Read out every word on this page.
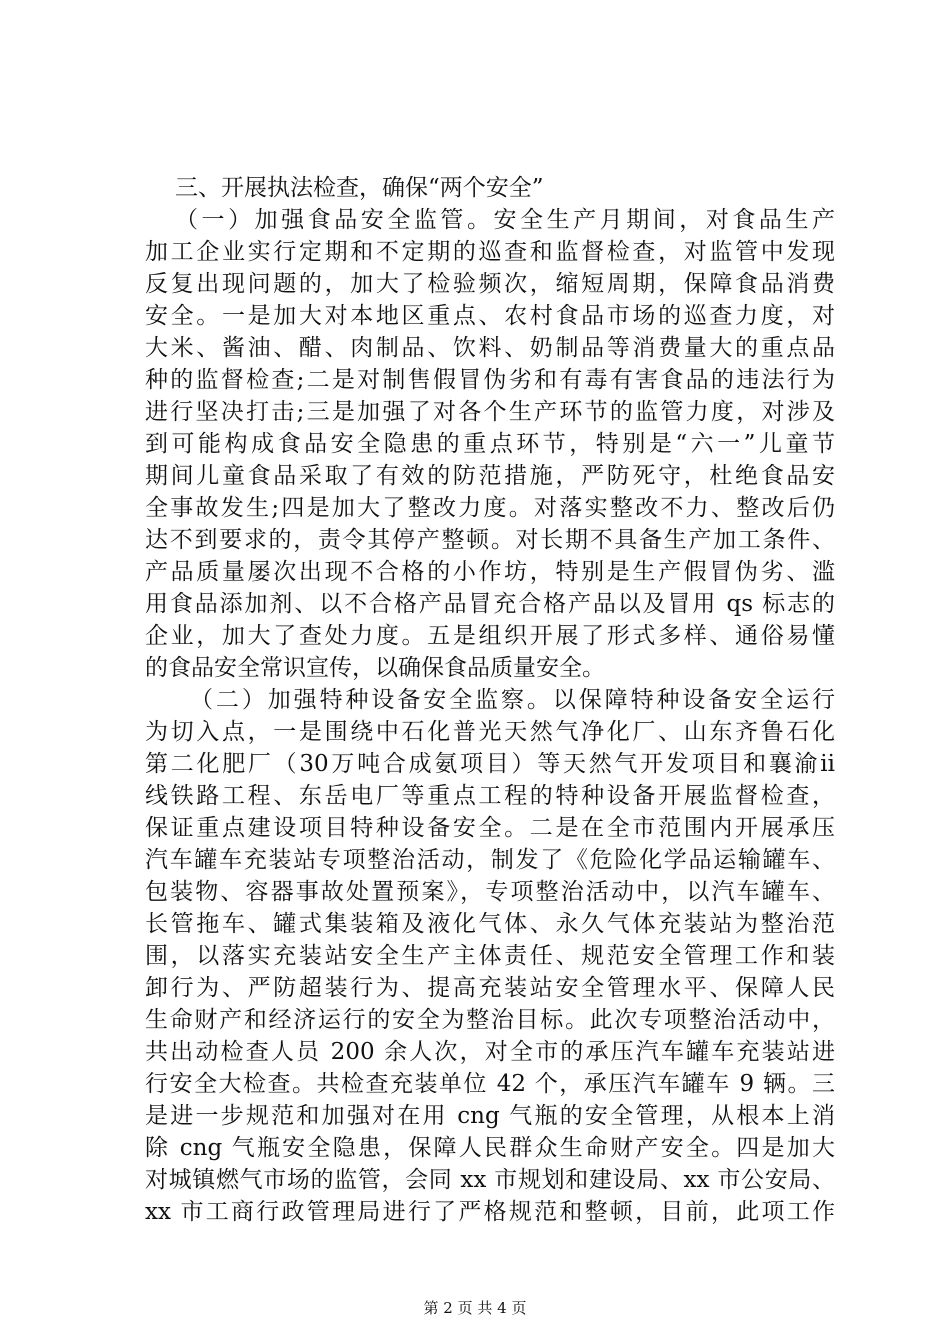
三、开展执法检查，确保“两个安全”
（一）加强食品安全监管。安全生产月期间，对食品生产
加工企业实行定期和不定期的巡查和监督检查，对监管中发现
反复出现问题的，加大了检验频次，缩短周期，保障食品消费
安全。一是加大对本地区重点、农村食品市场的巡查力度，对
大米、酱油、醋、肉制品、饮料、奶制品等消费量大的重点品
种的监督检查;二是对制售假冒伪劣和有毒有害食品的违法行为
进行坚决打击;三是加强了对各个生产环节的监管力度，对涉及
到可能构成食品安全隐患的重点环节，特别是“六一”儿童节
期间儿童食品采取了有效的防范措施，严防死守，杜绝食品安
全事故发生;四是加大了整改力度。对落实整改不力、整改后仍
达不到要求的，责令其停产整顿。对长期不具备生产加工条件、
产品质量屡次出现不合格的小作坊，特别是生产假冒伪劣、滥
用食品添加剂、以不合格产品冒充合格产品以及冒用 qs 标志的
企业，加大了查处力度。五是组织开展了形式多样、通俗易懂
的食品安全常识宣传，以确保食品质量安全。
（二）加强特种设备安全监察。以保障特种设备安全运行
为切入点，一是围绕中石化普光天然气净化厂、山东齐鲁石化
第二化肥厂（30万吨合成氨项目）等天然气开发项目和襄渝ii
线铁路工程、东岳电厂等重点工程的特种设备开展监督检查，
保证重点建设项目特种设备安全。二是在全市范围内开展承压
汽车罐车充装站专项整治活动，制发了《危险化学品运输罐车、
包装物、容器事故处置预案》，专项整治活动中，以汽车罐车、
长管拖车、罐式集装箱及液化气体、永久气体充装站为整治范
围，以落实充装站安全生产主体责任、规范安全管理工作和装
卸行为、严防超装行为、提高充装站安全管理水平、保障人民
生命财产和经济运行的安全为整治目标。此次专项整治活动中，
共出动检查人员 200 余人次，对全市的承压汽车罐车充装站进
行安全大检查。共检查充装单位 42 个，承压汽车罐车 9 辆。三
是进一步规范和加强对在用 cng 气瓶的安全管理，从根本上消
除 cng 气瓶安全隐患，保障人民群众生命财产安全。四是加大
对城镇燃气市场的监管，会同 xx 市规划和建设局、xx 市公安局、
xx 市工商行政管理局进行了严格规范和整顿，目前，此项工作
第 2 页 共 4 页
